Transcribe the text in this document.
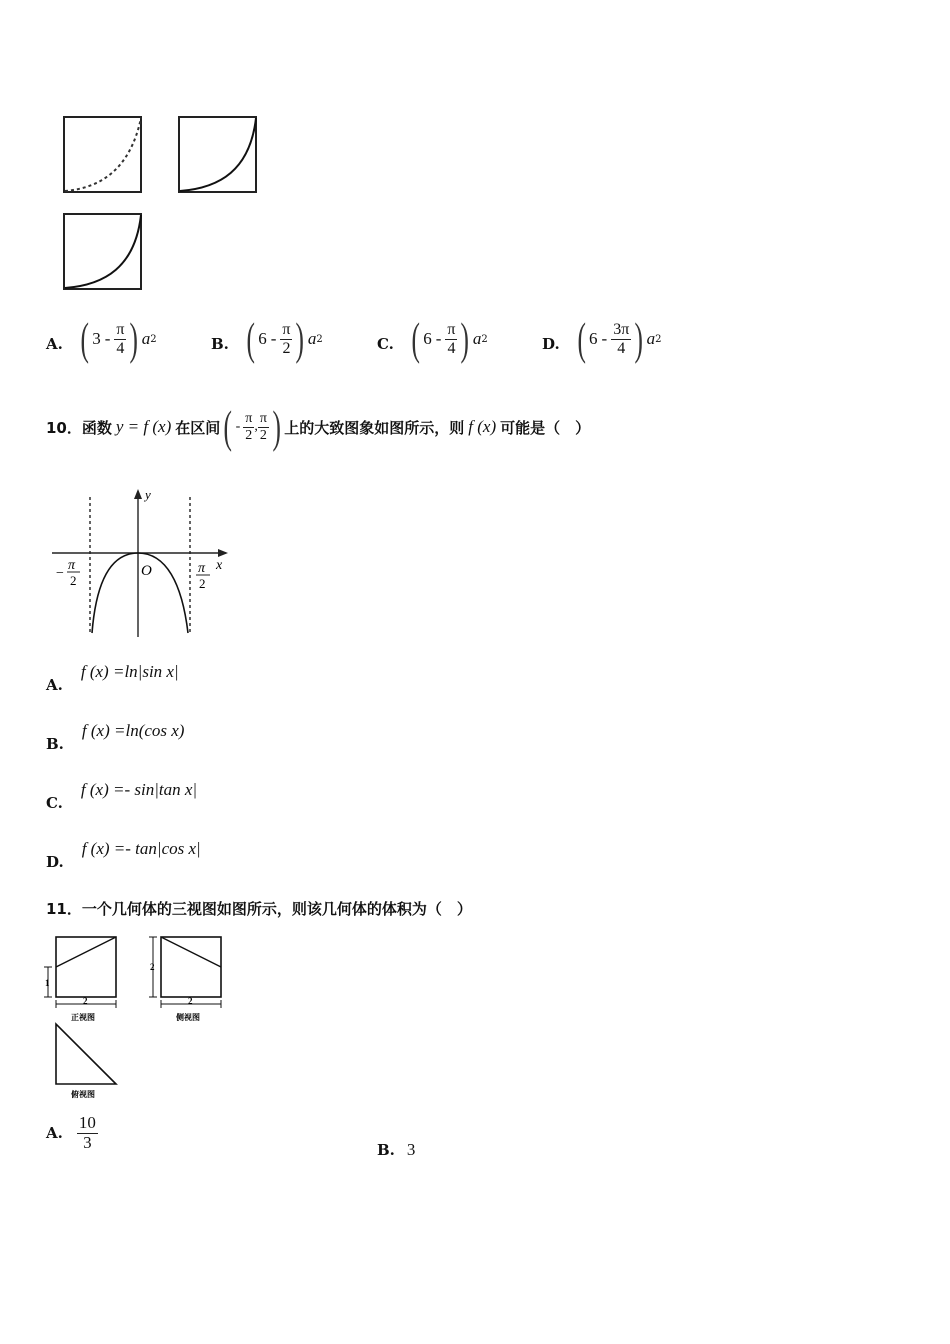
A. ( $3 - \frac{\pi}{4}$ ) a 2	B. ( $6 - \frac{\pi}{2}$ ) a 2	C. ( $6 - \frac{\pi}{4}$ ) a 2	D. ( $6 - \frac{3\pi}{4}$ ) a 2
10． 函数 y = f (x) 在区间 ( - $\frac{\pi}{2}$ , $\frac{\pi}{2}$ ) 上的大致图象如图所示，则 f (x) 可能是（　）
y
x
O
−
π
2
π
2
A.
f (x) =ln|sin x|
B.
f (x) =ln(cos x)
C.
f (x) =- sin|tan x|
D.
f (x) =- tan|cos x|
11．一个几何体的三视图如图所示，则该几何体的体积为（　）
1
2
正视图
2
2
侧视图
俯视图
A. $\frac{10}{3}$	B. 3
